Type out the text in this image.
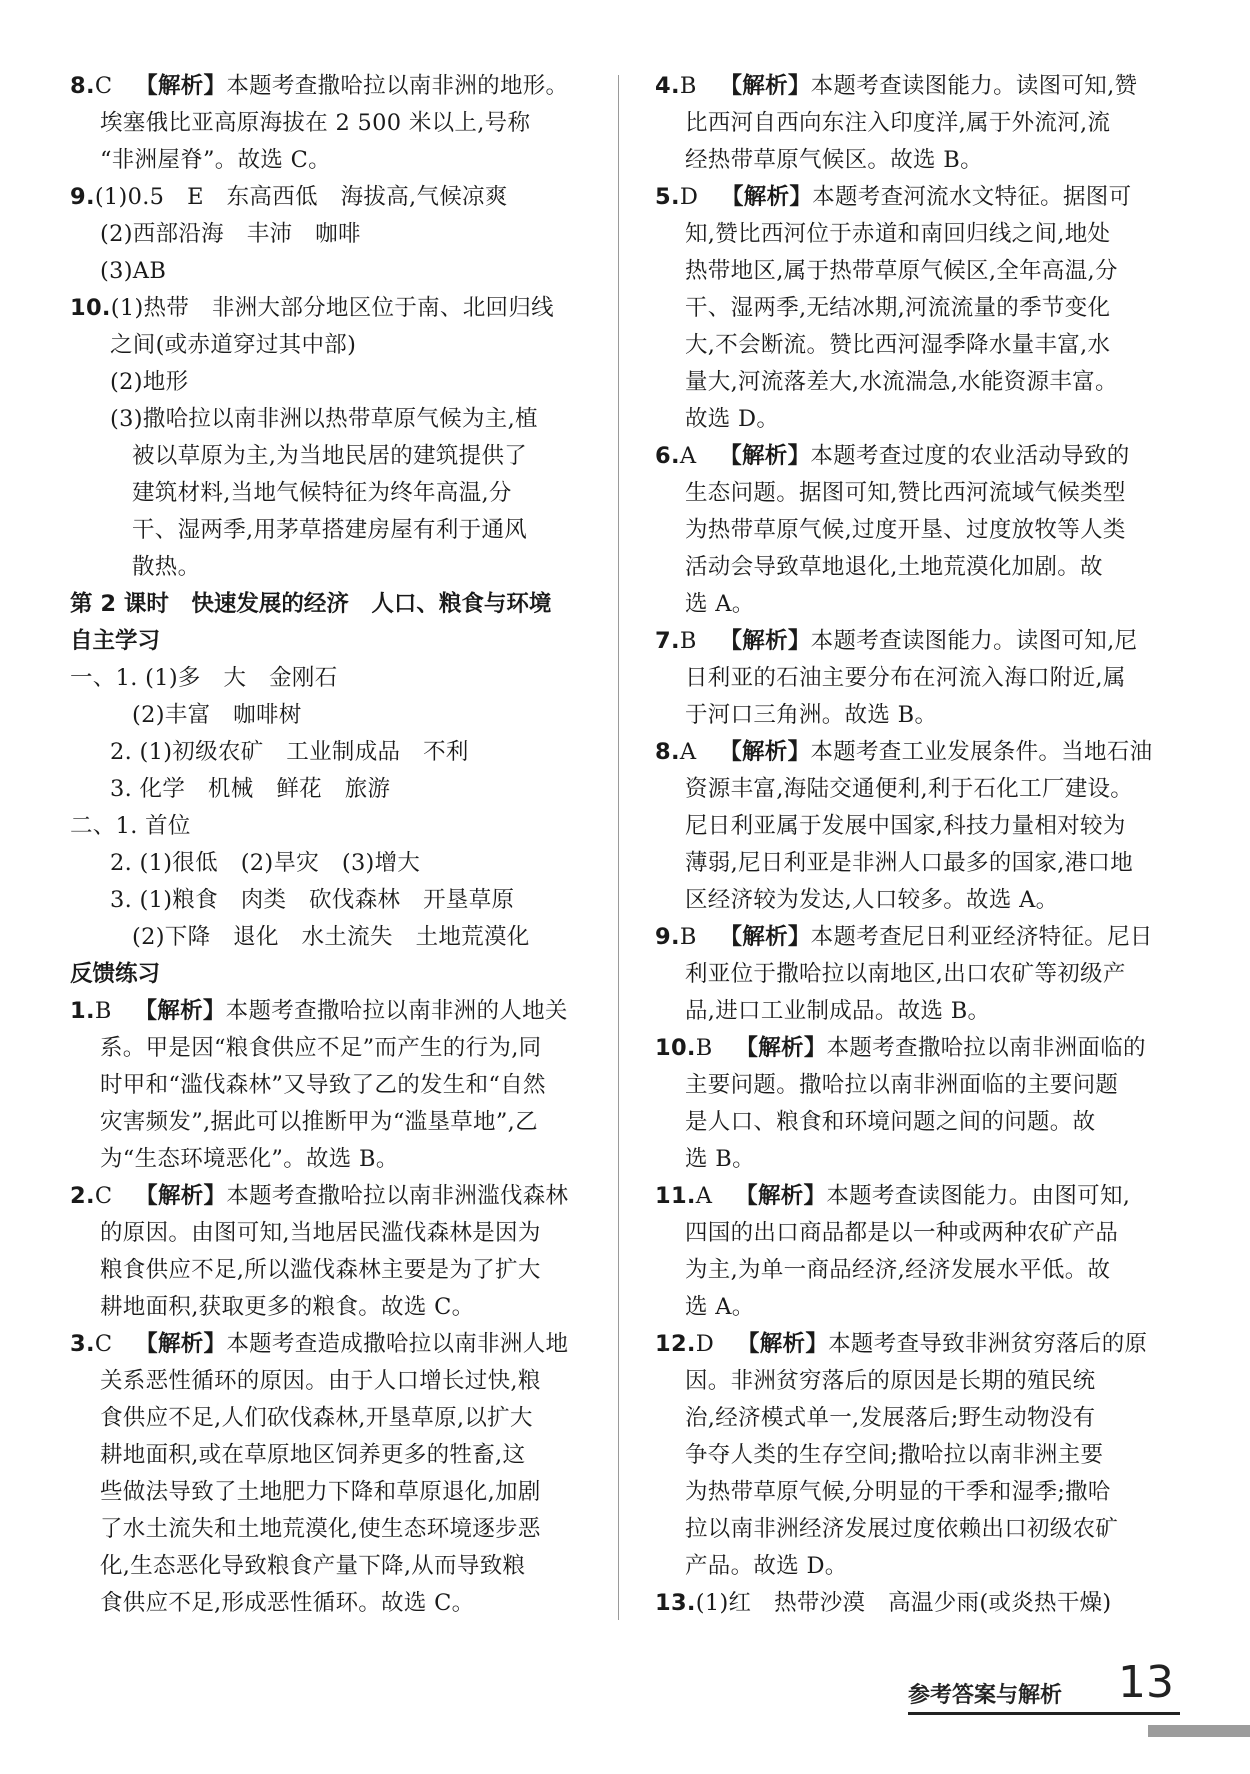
8.C  【解析】本题考查撒哈拉以南非洲的地形。
埃塞俄比亚高原海拔在 2 500 米以上,号称
“非洲屋脊”。故选 C。
9.(1)0.5　E　东高西低　海拔高,气候凉爽
(2)西部沿海　丰沛　咖啡
(3)AB
10.(1)热带　非洲大部分地区位于南、北回归线
之间(或赤道穿过其中部)
(2)地形
(3)撒哈拉以南非洲以热带草原气候为主,植
被以草原为主,为当地民居的建筑提供了
建筑材料,当地气候特征为终年高温,分
干、湿两季,用茅草搭建房屋有利于通风
散热。
第 2 课时　快速发展的经济　人口、粮食与环境
自主学习
一、1. (1)多　大　金刚石
(2)丰富　咖啡树
2. (1)初级农矿　工业制成品　不利
3. 化学　机械　鲜花　旅游
二、1. 首位
2. (1)很低　(2)旱灾　(3)增大
3. (1)粮食　肉类　砍伐森林　开垦草原
(2)下降　退化　水土流失　土地荒漠化
反馈练习
1.B  【解析】本题考查撒哈拉以南非洲的人地关
系。甲是因“粮食供应不足”而产生的行为,同
时甲和“滥伐森林”又导致了乙的发生和“自然
灾害频发”,据此可以推断甲为“滥垦草地”,乙
为“生态环境恶化”。故选 B。
2.C  【解析】本题考查撒哈拉以南非洲滥伐森林
的原因。由图可知,当地居民滥伐森林是因为
粮食供应不足,所以滥伐森林主要是为了扩大
耕地面积,获取更多的粮食。故选 C。
3.C  【解析】本题考查造成撒哈拉以南非洲人地
关系恶性循环的原因。由于人口增长过快,粮
食供应不足,人们砍伐森林,开垦草原,以扩大
耕地面积,或在草原地区饲养更多的牲畜,这
些做法导致了土地肥力下降和草原退化,加剧
了水土流失和土地荒漠化,使生态环境逐步恶
化,生态恶化导致粮食产量下降,从而导致粮
食供应不足,形成恶性循环。故选 C。
4.B  【解析】本题考查读图能力。读图可知,赞
比西河自西向东注入印度洋,属于外流河,流
经热带草原气候区。故选 B。
5.D  【解析】本题考查河流水文特征。据图可
知,赞比西河位于赤道和南回归线之间,地处
热带地区,属于热带草原气候区,全年高温,分
干、湿两季,无结冰期,河流流量的季节变化
大,不会断流。赞比西河湿季降水量丰富,水
量大,河流落差大,水流湍急,水能资源丰富。
故选 D。
6.A  【解析】本题考查过度的农业活动导致的
生态问题。据图可知,赞比西河流域气候类型
为热带草原气候,过度开垦、过度放牧等人类
活动会导致草地退化,土地荒漠化加剧。故
选 A。
7.B  【解析】本题考查读图能力。读图可知,尼
日利亚的石油主要分布在河流入海口附近,属
于河口三角洲。故选 B。
8.A  【解析】本题考查工业发展条件。当地石油
资源丰富,海陆交通便利,利于石化工厂建设。
尼日利亚属于发展中国家,科技力量相对较为
薄弱,尼日利亚是非洲人口最多的国家,港口地
区经济较为发达,人口较多。故选 A。
9.B  【解析】本题考查尼日利亚经济特征。尼日
利亚位于撒哈拉以南地区,出口农矿等初级产
品,进口工业制成品。故选 B。
10.B  【解析】本题考查撒哈拉以南非洲面临的
主要问题。撒哈拉以南非洲面临的主要问题
是人口、粮食和环境问题之间的问题。故
选 B。
11.A  【解析】本题考查读图能力。由图可知,
四国的出口商品都是以一种或两种农矿产品
为主,为单一商品经济,经济发展水平低。故
选 A。
12.D  【解析】本题考查导致非洲贫穷落后的原
因。非洲贫穷落后的原因是长期的殖民统
治,经济模式单一,发展落后;野生动物没有
争夺人类的生存空间;撒哈拉以南非洲主要
为热带草原气候,分明显的干季和湿季;撒哈
拉以南非洲经济发展过度依赖出口初级农矿
产品。故选 D。
13.(1)红　热带沙漠　高温少雨(或炎热干燥)
参考答案与解析 13
